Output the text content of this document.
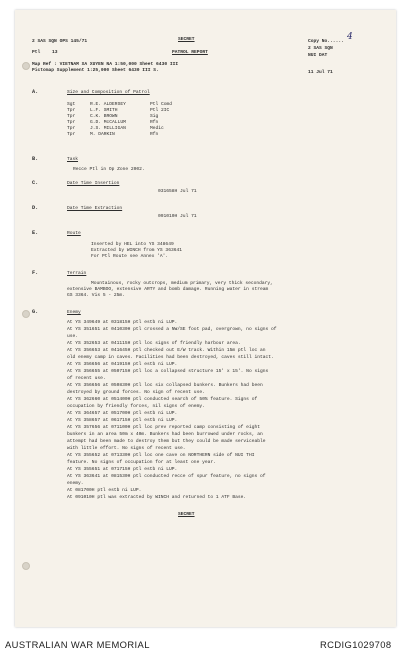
2 SAS SQN OPS 145/71	SECRET	Copy No...... 4
Ptl	13	PATROL REPORT
2 SAS SQN
NUI DAT
Map Ref : VIETNAM XA XUYEN NA 1:50,000 Sheet 6430 III
Pictomap Supplement 1:25,000 Sheet 6430 III S.	11 Jul 71
A.	Size and Composition of Patrol
Sgt	R.E. ALDERSEY	Ptl Comd
Tpr	L.F. SMITH	Ptl 2IC
Tpr	C.K. BROWN	Sig
Tpr	G.D. McCALLUM	Rfn
Tpr	J.S. MILLIGAN	Medic
Tpr	M. DARKIN	Rfn
B.	Task
Recce Ptl in Op Zone 2002.
C.	Date Time Insertion
031658H Jul 71
D.	Date Time Extraction
091010H Jul 71
E.	Route
Inserted by HEL into YS 348649
Extracted by WINCH from YS 363641
For Ptl Route see Annex 'A'.
F.	Terrain
Mountainous, rocky outcrops, medium primary, very thick secondary,
extensive BAMBOO, extensive ARTY and bomb damage. Running water in stream
GS 3364. Vis 5 - 25m.
G.	Enemy
At YS 349649 at 031815H ptl estb ni LUP.
At YS 351651 at 041030H ptl crossed a NW/SE foot pad, overgrown, no signs of
use.
At YS 352653 at 041115H ptl loc signs of friendly harbour area.
At YS 356653 at 041645H ptl checked out E/W track. Within 15m ptl loc an
old enemy camp in caves. Facilities had been destroyed, caves still intact.
At YS 356656 at 041915H ptl estb ni LUP.
At YS 356655 at 050715H ptl loc a collapsed structure 15' x 15'. No signs
of recent use.
At YS 356656 at 050830H ptl loc six collapsed bunkers. Bunkers had been
destroyed by ground forces. No sign of recent use.
At YS 362660 at 051400H ptl conducted search of 50% feature. Signs of
occupation by friendly forces, nil signs of enemy.
At YS 364657 at 051700H ptl estb ni LUP.
At YS 358657 at 061715H ptl estb ni LUP.
At YS 357656 at 071100H ptl loc prev reported camp consisting of eight
bunkers in an area 50m x 40m. Bunkers had been burrowed under rocks, an
attempt had been made to destroy them but they could be made serviceable
with little effort. No signs of recent use.
At YS 355652 at 071330H ptl loc one cave on NORTHERN side of NUI THI
feature. No signs of occupation for at least one year.
At YS 355651 at 071715H ptl estb ni LUP.
At YS 363641 at 081530H ptl conducted recce of spur feature, no signs of
enemy.
At 081700H ptl estb ni LUP.
At 091010H ptl was extracted by WINCH and returned to 1 ATF Base.
SECRET
AUSTRALIAN WAR MEMORIAL	RCDIG1029708
